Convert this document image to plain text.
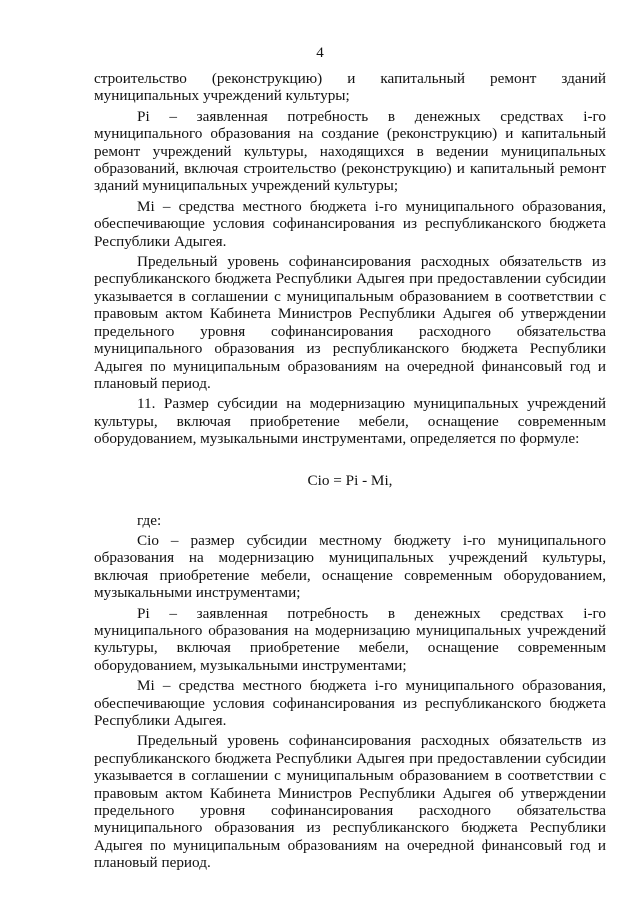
4

строительство (реконструкцию) и капитальный ремонт зданий муниципальных учреждений культуры;

Pi – заявленная потребность в денежных средствах i-го муниципального образования на создание (реконструкцию) и капитальный ремонт учреждений культуры, находящихся в ведении муниципальных образований, включая строительство (реконструкцию) и капитальный ремонт зданий муниципальных учреждений культуры;

Mi – средства местного бюджета i-го муниципального образования, обеспечивающие условия софинансирования из республиканского бюджета Республики Адыгея.

Предельный уровень софинансирования расходных обязательств из республиканского бюджета Республики Адыгея при предоставлении субсидии указывается в соглашении с муниципальным образованием в соответствии с правовым актом Кабинета Министров Республики Адыгея об утверждении предельного уровня софинансирования расходного обязательства муниципального образования из республиканского бюджета Республики Адыгея по муниципальным образованиям на очередной финансовый год и плановый период.

11. Размер субсидии на модернизацию муниципальных учреждений культуры, включая приобретение мебели, оснащение современным оборудованием, музыкальными инструментами, определяется по формуле:

Cio = Pi - Mi,

где:

Cio – размер субсидии местному бюджету i-го муниципального образования на модернизацию муниципальных учреждений культуры, включая приобретение мебели, оснащение современным оборудованием, музыкальными инструментами;

Pi – заявленная потребность в денежных средствах i-го муниципального образования на модернизацию муниципальных учреждений культуры, включая приобретение мебели, оснащение современным оборудованием, музыкальными инструментами;

Mi – средства местного бюджета i-го муниципального образования, обеспечивающие условия софинансирования из республиканского бюджета Республики Адыгея.

Предельный уровень софинансирования расходных обязательств из республиканского бюджета Республики Адыгея при предоставлении субсидии указывается в соглашении с муниципальным образованием в соответствии с правовым актом Кабинета Министров Республики Адыгея об утверждении предельного уровня софинансирования расходного обязательства муниципального образования из республиканского бюджета Республики Адыгея по муниципальным образованиям на очередной финансовый год и плановый период.
